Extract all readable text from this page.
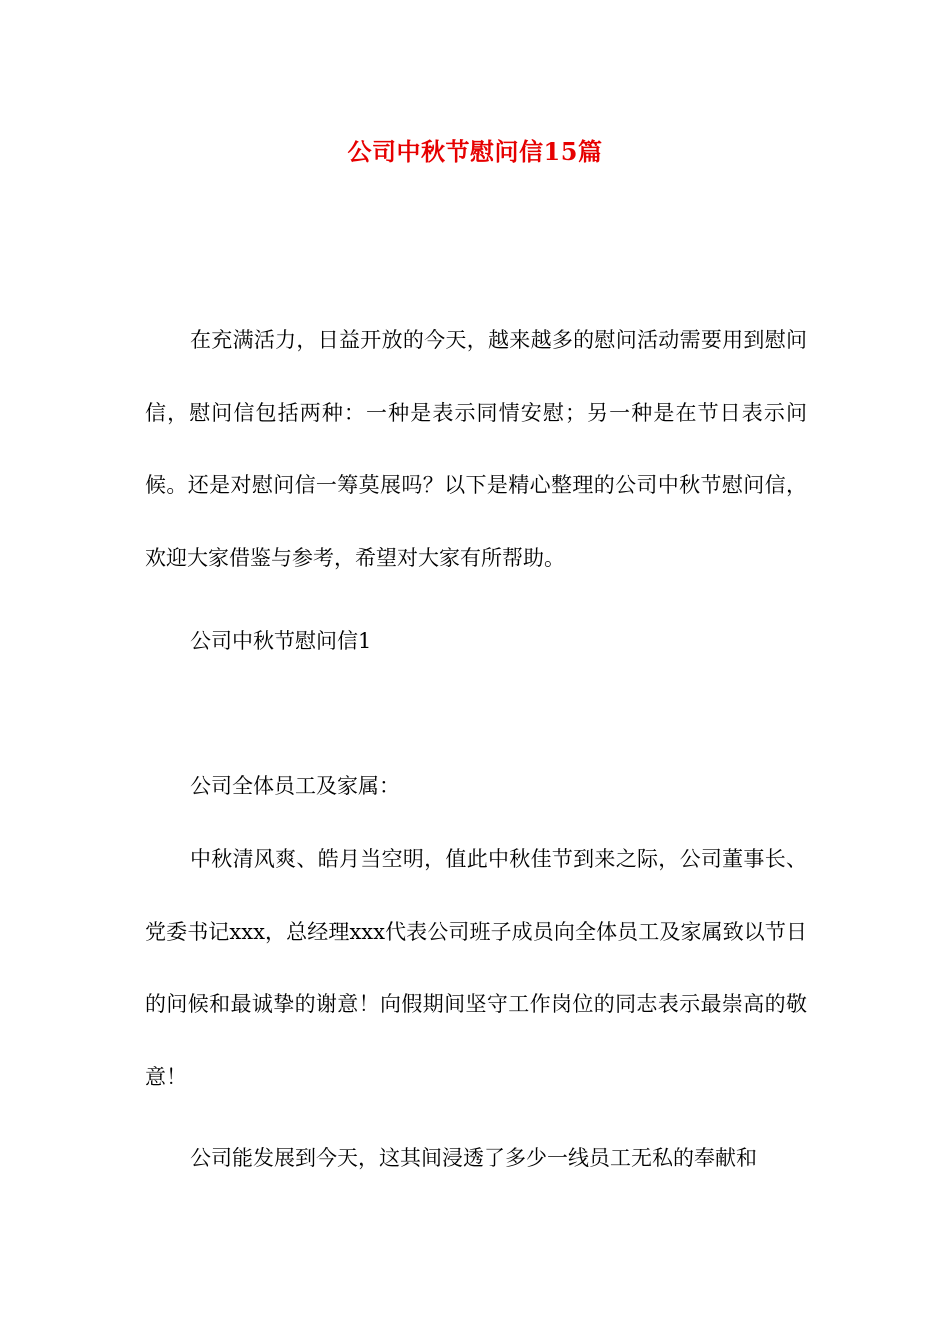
公司中秋节慰问信15篇

在充满活力，日益开放的今天，越来越多的慰问活动需要用到慰问信，慰问信包括两种：一种是表示同情安慰；另一种是在节日表示问候。还是对慰问信一筹莫展吗？以下是精心整理的公司中秋节慰问信，欢迎大家借鉴与参考，希望对大家有所帮助。

公司中秋节慰问信1

公司全体员工及家属：

中秋清风爽、皓月当空明，值此中秋佳节到来之际，公司董事长、党委书记xxx，总经理xxx代表公司班子成员向全体员工及家属致以节日的问候和最诚挚的谢意！向假期间坚守工作岗位的同志表示最崇高的敬意！

公司能发展到今天，这其间浸透了多少一线员工无私的奉献和
